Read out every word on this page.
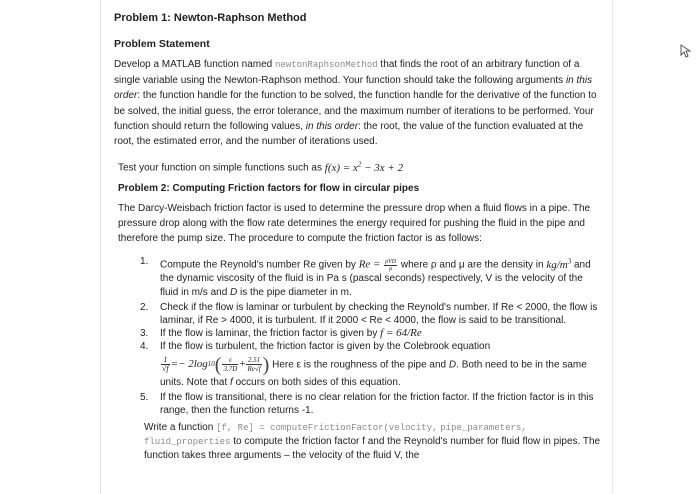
Problem 1: Newton-Raphson Method
Problem Statement
Develop a MATLAB function named newtonRaphsonMethod that finds the root of an arbitrary function of a single variable using the Newton-Raphson method. Your function should take the following arguments in this order: the function handle for the function to be solved, the function handle for the derivative of the function to be solved, the initial guess, the error tolerance, and the maximum number of iterations to be performed. Your function should return the following values, in this order: the root, the value of the function evaluated at the root, the estimated error, and the number of iterations used.
Test your function on simple functions such as $f(x) = x^2 - 3x + 2$
Problem 2: Computing Friction factors for flow in circular pipes
The Darcy-Weisbach friction factor is used to determine the pressure drop when a fluid flows in a pipe. The pressure drop along with the flow rate determines the energy required for pushing the fluid in the pipe and therefore the pump size. The procedure to compute the friction factor is as follows:
1. Compute the Reynold's number Re given by $Re = \frac{\text{ρVD}}{\mu}$ where ρ and μ are the density in $kg/m^3$ and the dynamic viscosity of the fluid is in Pa s (pascal seconds) respectively, V is the velocity of the fluid in m/s and D is the pipe diameter in m.
2. Check if the flow is laminar or turbulent by checking the Reynold's number. If Re < 2000, the flow is laminar, if Re > 4000, it is turbulent. If it 2000 < Re < 4000, the flow is said to be transitional.
3. If the flow is laminar, the friction factor is given by f = 64/Re
4. If the flow is turbulent, the friction factor is given by the Colebrook equation
$\frac{1}{√f} =- 2\log$ 10 ( $\frac{\varepsilon}{3.7D} + \frac{2.51}{Re√f}$ ) Here ε is the roughness of the pipe and D. Both need to be in the same units. Note that f occurs on both sides of this equation.
5. If the flow is transitional, there is no clear relation for the friction factor. If the friction factor is in this range, then the function returns -1.
Write a function [f, Re] = computeFrictionFactor(velocity, pipe_parameters, fluid_properties to compute the friction factor f and the Reynold's number for fluid flow in pipes. The function takes three arguments – the velocity of the fluid V, the
